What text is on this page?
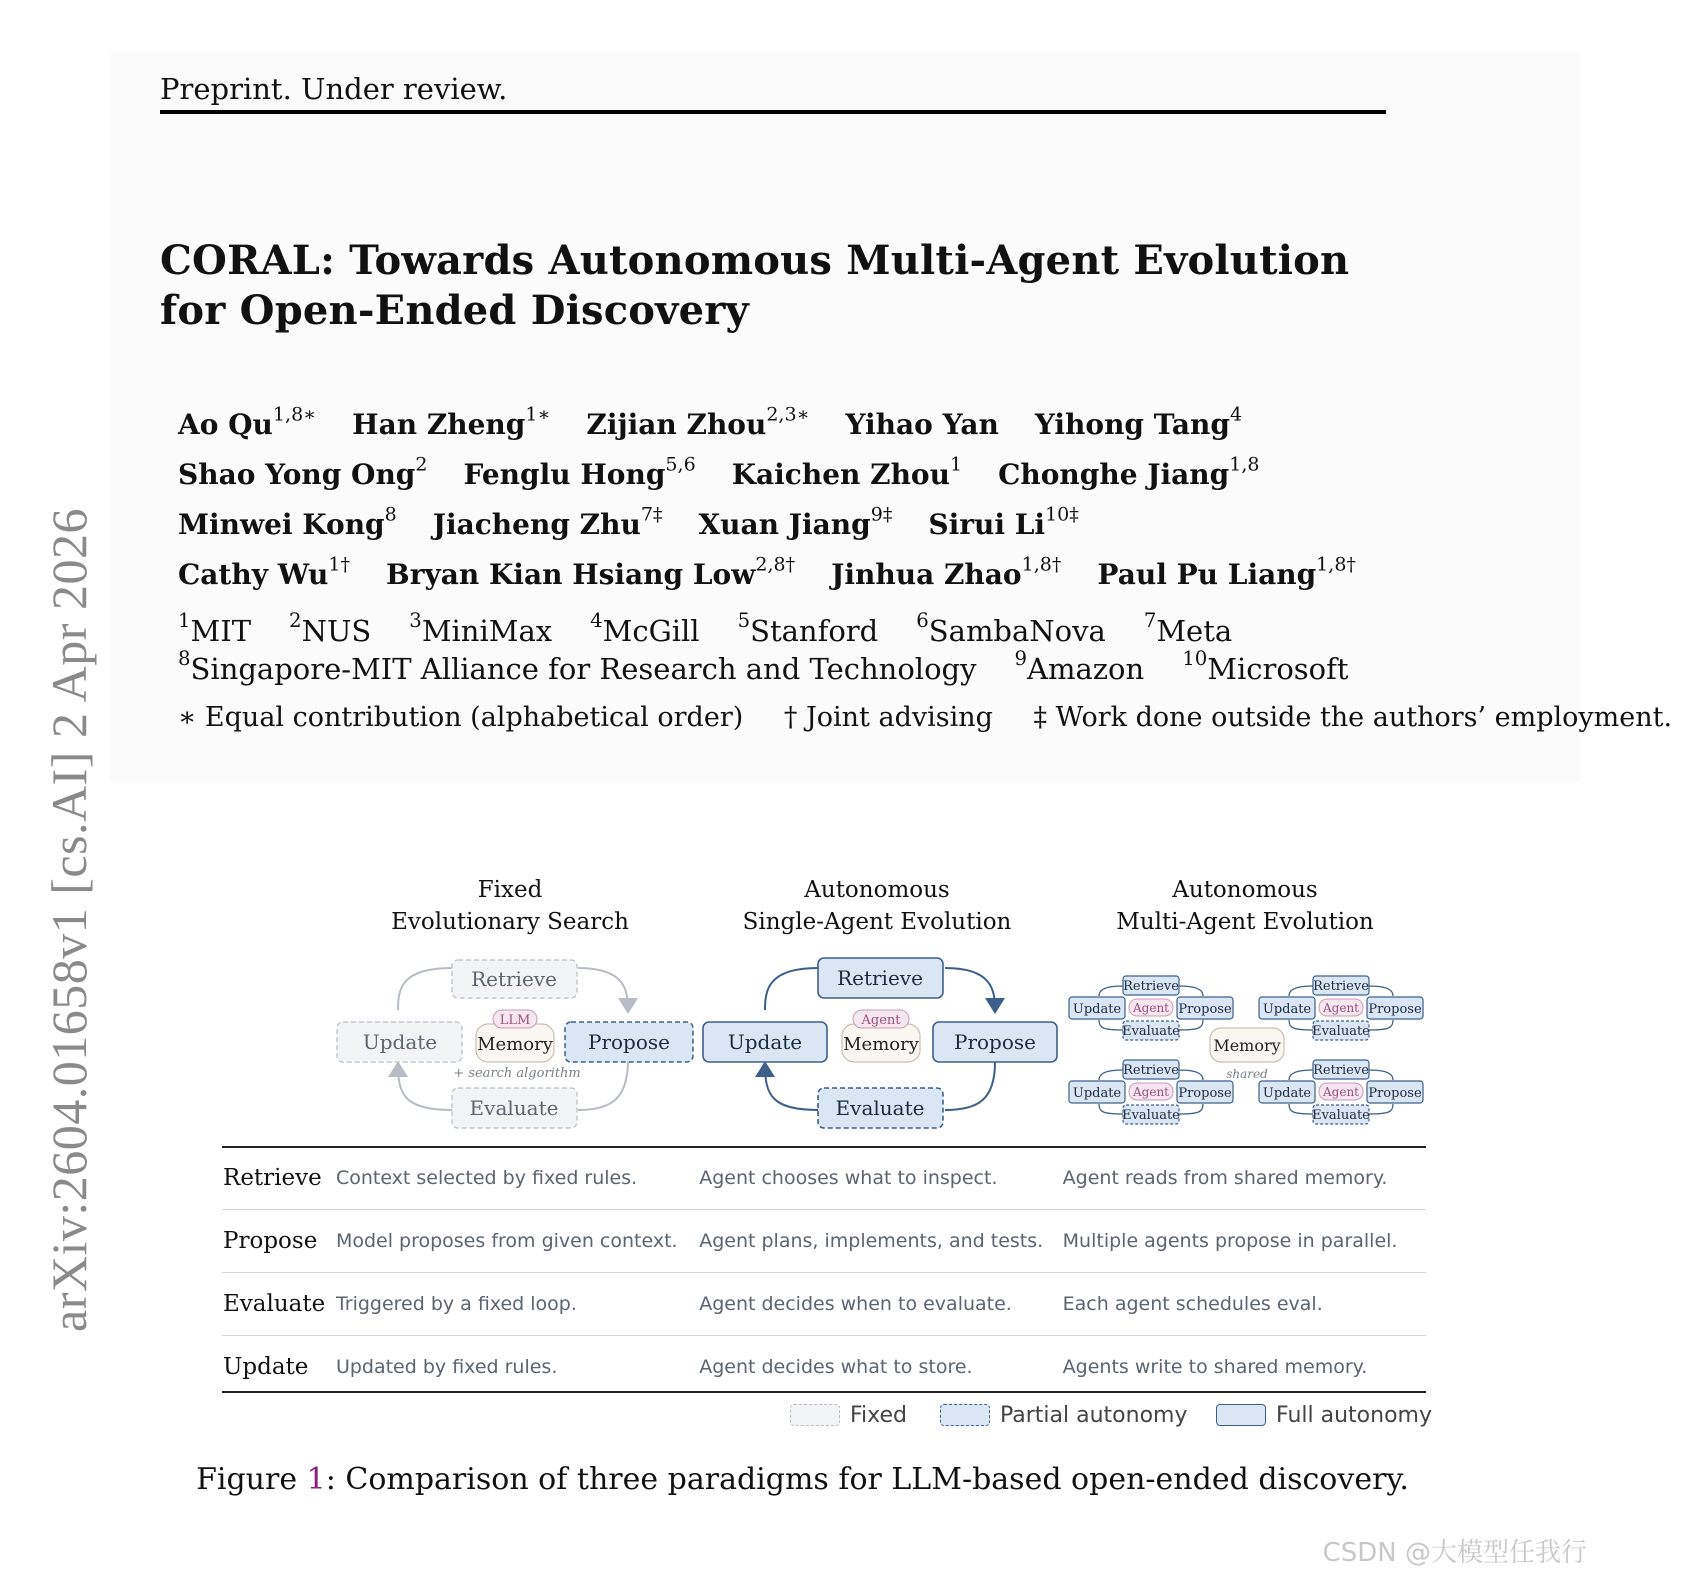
Preprint. Under review.
CORAL: Towards Autonomous Multi-Agent Evolution
for Open-Ended Discovery
Ao $Qu^{1,8∗}$ Han Zheng$^{1∗}$ Zijian Zhou$^{2,3∗}$ Yihao Yan Yihong Tang$^4$
Shao Yong Ong$^2$ Fenglu Hong$^{5,6}$ Kaichen Zhou$^1$ Chonghe Jiang$^{1,8}$
Minwei Kong$^8$ Jiacheng Zhu$^{7\ddagger}$ Xuan Jiang$^{9\ddagger}$ Sirui $Li^{10\ddagger}$
Cathy $Wu^{1\dagger}$ Bryan Kian Hsiang Low$^{2,8\dagger}$ Jinhua Zhao$^{1,8\dagger}$ Paul Pu Liang$^{1,8\dagger}$
$^1$MIT $^2$NUS $^3$MiniMax $^4$McGill $^5$Stanford $^6$SambaNova $^7$Meta
$^8$Singapore-MIT Alliance for Research and Technology $^9$Amazon $^{10}$Microsoft
∗ Equal contribution (alphabetical order) † Joint advising ‡ Work done outside the authors’ employment.
arXiv:2604.01658v1 [cs.AI] 2 Apr 2026	Fixed
Evolutionary Search
Autonomous
Single-Agent Evolution
Autonomous
Multi-Agent Evolution
Retrieve
Update	Propose
Evaluate
Memory
LLM
+ search algorithm
Retrieve
Update	Propose
Evaluate
Memory
Agent
Memory
shared
Retrieve
Update	Propose
Evaluate
Agent
Retrieve
Update	Propose
Evaluate
Agent
Retrieve
Update	Propose
Evaluate
Agent
Retrieve
Update	Propose
Evaluate
Agent
Retrieve	Context selected by fixed rules.	Agent chooses what to inspect.	Agent reads from shared memory.
Propose	Model proposes from given context.	Agent plans, implements, and tests.	Multiple agents propose in parallel.
Evaluate	Triggered by a fixed loop.	Agent decides when to evaluate.	Each agent schedules eval.
Update	Updated by fixed rules.	Agent decides what to store.	Agents write to shared memory.
Fixed	Partial autonomy	Full autonomy
Figure 1: Comparison of three paradigms for LLM-based open-ended discovery.
CSDN @大模型任我行
